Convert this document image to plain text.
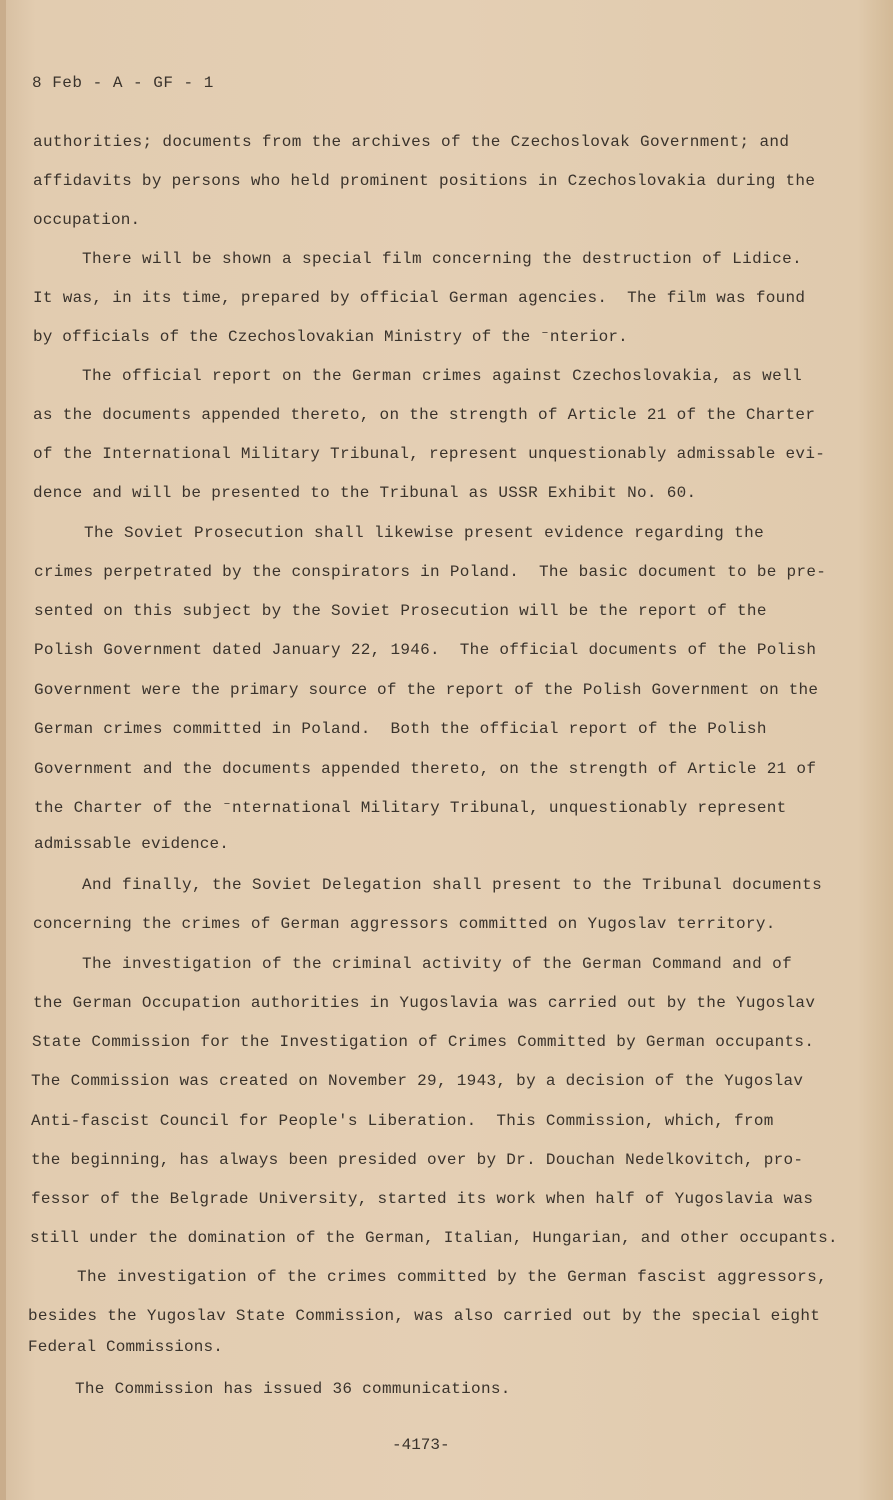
8 Feb - A - GF - 1
authorities; documents from the archives of the Czechoslovak Government; and
affidavits by persons who held prominent positions in Czechoslovakia during the
occupation.
There will be shown a special film concerning the destruction of Lidice.
It was, in its time, prepared by official German agencies.  The film was found
by officials of the Czechoslovakian Ministry of the ⁻nterior.
The official report on the German crimes against Czechoslovakia, as well
as the documents appended thereto, on the strength of Article 21 of the Charter
of the International Military Tribunal, represent unquestionably admissable evi-
dence and will be presented to the Tribunal as USSR Exhibit No. 60.
The Soviet Prosecution shall likewise present evidence regarding the
crimes perpetrated by the conspirators in Poland.  The basic document to be pre-
sented on this subject by the Soviet Prosecution will be the report of the
Polish Government dated January 22, 1946.  The official documents of the Polish
Government were the primary source of the report of the Polish Government on the
German crimes committed in Poland.  Both the official report of the Polish
Government and the documents appended thereto, on the strength of Article 21 of
the Charter of the ⁻nternational Military Tribunal, unquestionably represent
admissable evidence.
And finally, the Soviet Delegation shall present to the Tribunal documents
concerning the crimes of German aggressors committed on Yugoslav territory.
The investigation of the criminal activity of the German Command and of
the German Occupation authorities in Yugoslavia was carried out by the Yugoslav
State Commission for the Investigation of Crimes Committed by German occupants.
The Commission was created on November 29, 1943, by a decision of the Yugoslav
Anti-fascist Council for People's Liberation.  This Commission, which, from
the beginning, has always been presided over by Dr. Douchan Nedelkovitch, pro-
fessor of the Belgrade University, started its work when half of Yugoslavia was
still under the domination of the German, Italian, Hungarian, and other occupants.
The investigation of the crimes committed by the German fascist aggressors,
besides the Yugoslav State Commission, was also carried out by the special eight
Federal Commissions.
The Commission has issued 36 communications.
-4173-
